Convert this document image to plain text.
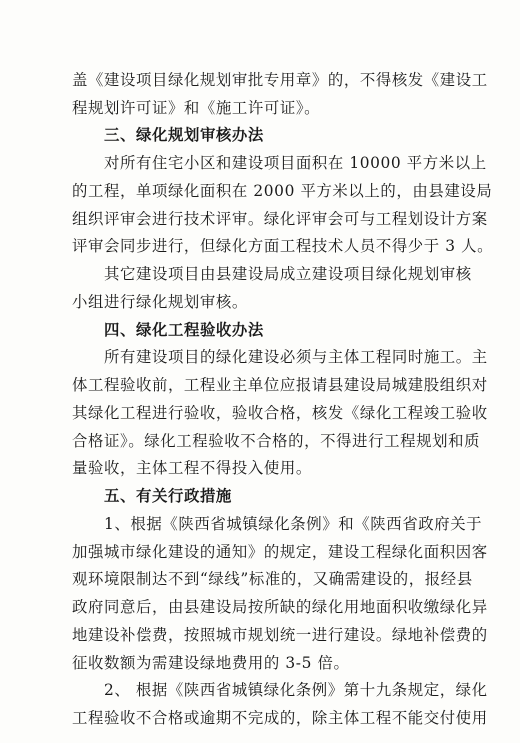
盖《建设项目绿化规划审批专用章》的，不得核发《建设工
程规划许可证》和《施工许可证》。
三、绿化规划审核办法
对所有住宅小区和建设项目面积在 10000 平方米以上
的工程，单项绿化面积在 2000 平方米以上的，由县建设局
组织评审会进行技术评审。绿化评审会可与工程划设计方案
评审会同步进行，但绿化方面工程技术人员不得少于 3 人。
其它建设项目由县建设局成立建设项目绿化规划审核
小组进行绿化规划审核。
四、绿化工程验收办法
所有建设项目的绿化建设必须与主体工程同时施工。主
体工程验收前，工程业主单位应报请县建设局城建股组织对
其绿化工程进行验收，验收合格，核发《绿化工程竣工验收
合格证》。绿化工程验收不合格的，不得进行工程规划和质
量验收，主体工程不得投入使用。
五、有关行政措施
1、根据《陕西省城镇绿化条例》和《陕西省政府关于
加强城市绿化建设的通知》的规定，建设工程绿化面积因客
观环境限制达不到“绿线”标准的，又确需建设的，报经县
政府同意后，由县建设局按所缺的绿化用地面积收缴绿化异
地建设补偿费，按照城市规划统一进行建设。绿地补偿费的
征收数额为需建设绿地费用的 3-5 倍。
2、 根据《陕西省城镇绿化条例》第十九条规定，绿化
工程验收不合格或逾期不完成的，除主体工程不能交付使用
